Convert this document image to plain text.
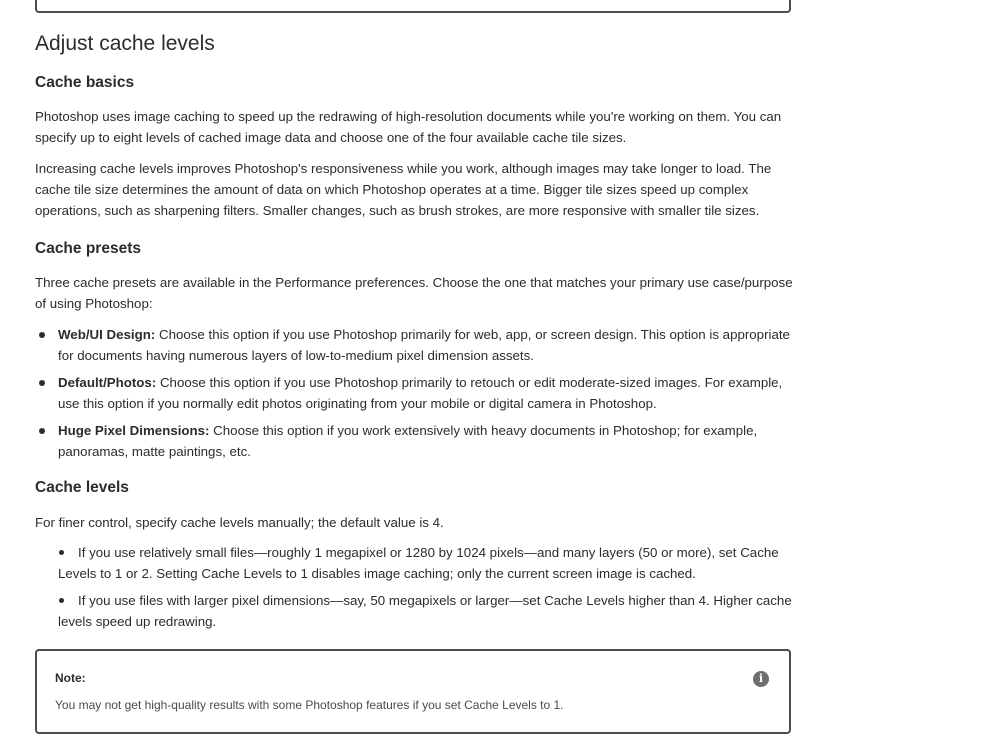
Adjust cache levels
Cache basics

Photoshop uses image caching to speed up the redrawing of high-resolution documents while you're working on them. You can specify up to eight levels of cached image data and choose one of the four available cache tile sizes.

Increasing cache levels improves Photoshop's responsiveness while you work, although images may take longer to load. The cache tile size determines the amount of data on which Photoshop operates at a time. Bigger tile sizes speed up complex operations, such as sharpening filters. Smaller changes, such as brush strokes, are more responsive with smaller tile sizes.

Cache presets

Three cache presets are available in the Performance preferences. Choose the one that matches your primary use case/purpose of using Photoshop:

Web/UI Design: Choose this option if you use Photoshop primarily for web, app, or screen design. This option is appropriate for documents having numerous layers of low-to-medium pixel dimension assets.
Default/Photos: Choose this option if you use Photoshop primarily to retouch or edit moderate-sized images. For example, use this option if you normally edit photos originating from your mobile or digital camera in Photoshop.
Huge Pixel Dimensions: Choose this option if you work extensively with heavy documents in Photoshop; for example, panoramas, matte paintings, etc.
Cache levels

For finer control, specify cache levels manually; the default value is 4.

If you use relatively small files—roughly 1 megapixel or 1280 by 1024 pixels—and many layers (50 or more), set Cache Levels to 1 or 2. Setting Cache Levels to 1 disables image caching; only the current screen image is cached.
If you use files with larger pixel dimensions—say, 50 megapixels or larger—set Cache Levels higher than 4. Higher cache levels speed up redrawing.
Note:
You may not get high-quality results with some Photoshop features if you set Cache Levels to 1.
i
